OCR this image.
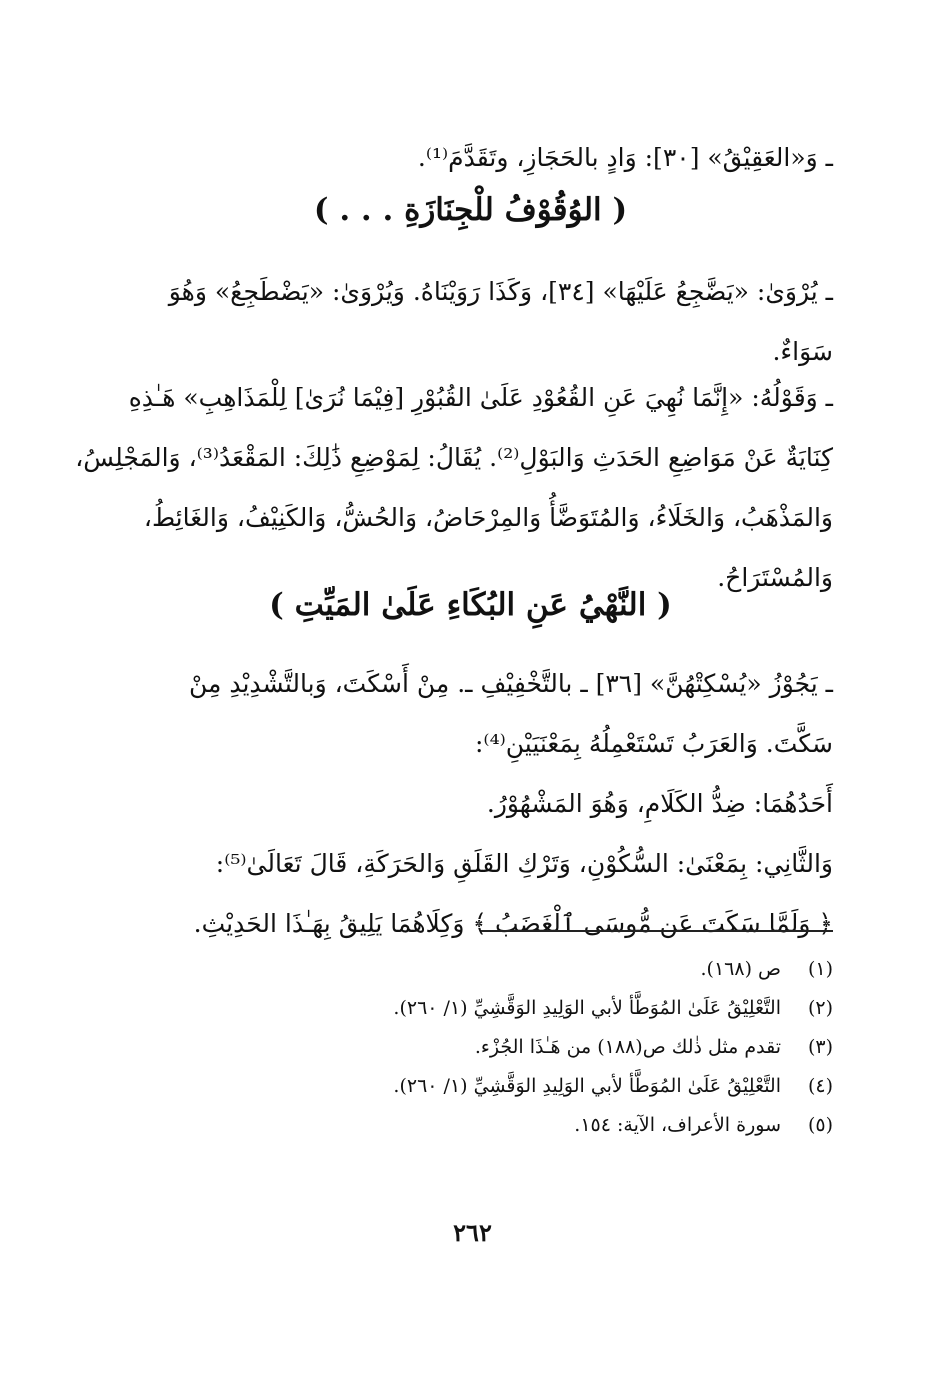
ـ وَ«العَقِيْقُ» [٣٠]: وَادٍ بالحَجَازِ، وتَقَدَّمَ⁽¹⁾.
( الوُقُوْفُ للْجِنَازَةِ . . . )
ـ يُرْوَىٰ: «يَضَّجِعُ عَلَيْهَا» [٣٤]، وَكَذَا رَوَيْنَاهُ. وَيُرْوَىٰ: «يَضْطَجِعُ» وَهُوَ
سَوَاءٌ.
ـ وَقَوْلُهُ: «إِنَّمَا نُهِيَ عَنِ القُعُوْدِ عَلَىٰ القُبُوْرِ [فِيْمَا نُرَىٰ] لِلْمَذَاهِبِ» هَـٰذِهِ
كِنَايَةٌ عَنْ مَوَاضِعِ الحَدَثِ وَالبَوْلِ⁽²⁾. يُقَالُ: لِمَوْضِعِ ذَٰلِكَ: المَقْعَدُ⁽³⁾، وَالمَجْلِسُ،
وَالمَذْهَبُ، وَالخَلَاءُ، وَالمُتَوَضَّأُ وَالمِرْحَاضُ، وَالحُشُّ، وَالكَنِيْفُ، وَالغَائِطُ،
وَالمُسْتَرَاحُ.
( النَّهْيُ عَنِ البُكَاءِ عَلَىٰ المَيِّتِ )
ـ يَجُوْزُ «يُسْكِتْهُنَّ» [٣٦] ـ بالتَّخْفِيْفِ ـ. مِنْ أَسْكَتَ، وَبالتَّشْدِيْدِ مِنْ
سَكَّتَ. وَالعَرَبُ تَسْتَعْمِلُهُ بِمَعْنَيَيْنِ⁽⁴⁾:
أَحَدُهُمَا: ضِدُّ الكَلَامِ، وَهُوَ المَشْهُوْرُ.
وَالثَّانِي: بِمَعْنَىٰ: السُّكُوْنِ، وَتَرْكِ القَلَقِ وَالحَرَكَةِ، قَالَ تَعَالَىٰ⁽⁵⁾:
﴿ وَلَمَّا سَكَتَ عَن مُّوسَى ٱلْغَضَبُ ﴾ وَكِلَاهُمَا يَلِيقُ بِهَـٰذَا الحَدِيْثِ.
(١)
ص (١٦٨).
(٢)
التَّعْلِيْقُ عَلَىٰ المُوَطَّأ لأبي الوَلِيدِ الوَقَّشِيِّ (١/ ٢٦٠).
(٣)
تقدم مثل ذٰلك ص(١٨٨) من هَـٰذَا الجُزْء.
(٤)
التَّعْلِيْقُ عَلَىٰ المُوَطَّأ لأبي الوَلِيدِ الوَقَّشِيِّ (١/ ٢٦٠).
(٥)
سورة الأعراف، الآية: ١٥٤.
٢٦٢
